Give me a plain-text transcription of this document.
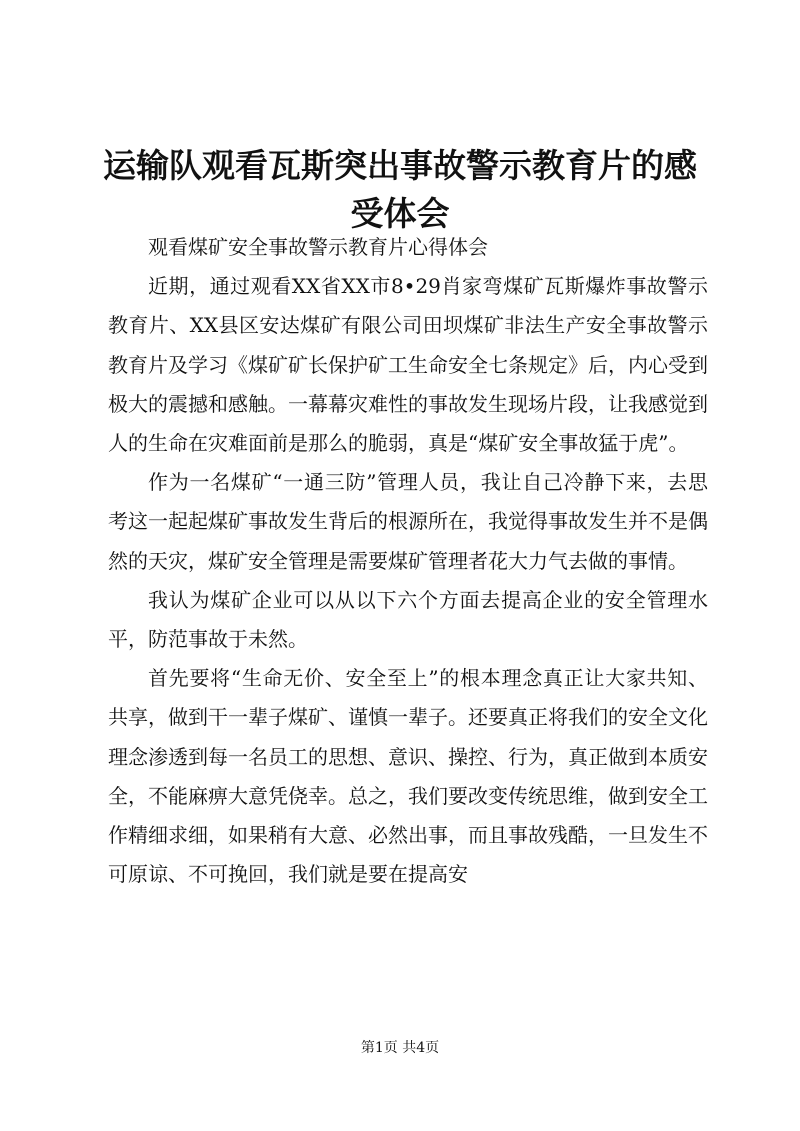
运输队观看瓦斯突出事故警示教育片的感受体会

观看煤矿安全事故警示教育片心得体会

近期，通过观看XX省XX市8•29肖家弯煤矿瓦斯爆炸事故警示教育片、XX县区安达煤矿有限公司田坝煤矿非法生产安全事故警示教育片及学习《煤矿矿长保护矿工生命安全七条规定》后，内心受到极大的震撼和感触。一幕幕灾难性的事故发生现场片段，让我感觉到人的生命在灾难面前是那么的脆弱，真是“煤矿安全事故猛于虎”。

作为一名煤矿“一通三防”管理人员，我让自己冷静下来，去思考这一起起煤矿事故发生背后的根源所在，我觉得事故发生并不是偶然的天灾，煤矿安全管理是需要煤矿管理者花大力气去做的事情。

我认为煤矿企业可以从以下六个方面去提高企业的安全管理水平，防范事故于未然。

首先要将“生命无价、安全至上”的根本理念真正让大家共知、共享，做到干一辈子煤矿、谨慎一辈子。还要真正将我们的安全文化理念渗透到每一名员工的思想、意识、操控、行为，真正做到本质安全，不能麻痹大意凭侥幸。总之，我们要改变传统思维，做到安全工作精细求细，如果稍有大意、必然出事，而且事故残酷，一旦发生不可原谅、不可挽回，我们就是要在提高安

第1页 共4页
